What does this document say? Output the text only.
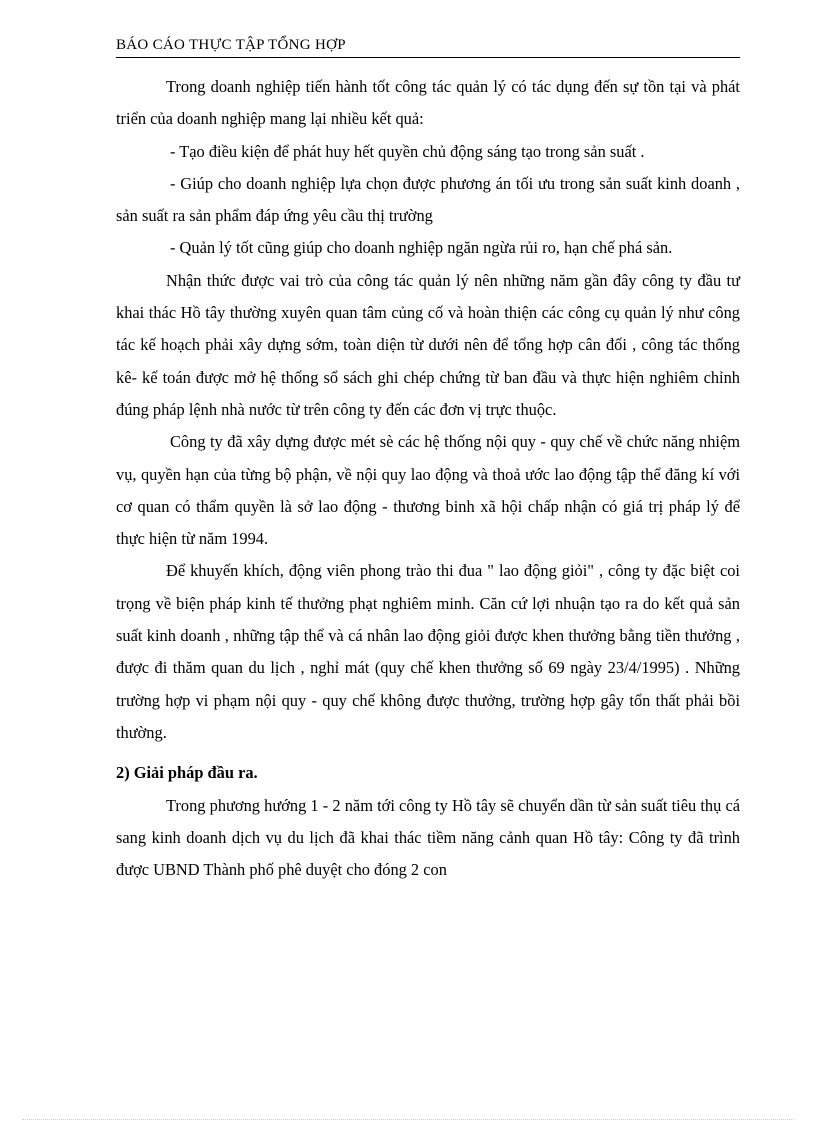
BÁO CÁO THỰC TẬP TỔNG HỢP

Trong doanh nghiệp tiến hành tốt công tác quản lý có tác dụng đến sự tồn tại và phát triển của doanh nghiệp mang lại nhiều kết quả:

- Tạo điều kiện để phát huy hết quyền chủ động sáng tạo trong sản suất .

- Giúp cho doanh nghiệp lựa chọn được phương án tối ưu trong sản suất kinh doanh , sản suất ra sản phẩm đáp ứng yêu cầu thị trường

- Quản lý tốt cũng giúp cho doanh nghiệp ngăn ngừa rủi ro, hạn chế phá sản.

Nhận thức được vai trò của công tác quản lý nên những năm gần đây công ty đầu tư khai thác Hồ tây thường xuyên quan tâm củng cố và hoàn thiện các công cụ quản lý như công tác kế hoạch phải xây dựng sớm, toàn diện từ dưới nên để tổng hợp cân đối , công tác thống kê- kế toán được mở hệ thống sổ sách ghi chép chứng từ ban đầu và thực hiện nghiêm chỉnh đúng pháp lệnh nhà nước từ trên công ty đến các đơn vị trực thuộc.

Công ty đã xây dựng được mét sè các hệ thống nội quy - quy chế về chức năng nhiệm vụ, quyền hạn của từng bộ phận, về nội quy lao động và thoả ước lao động tập thể đăng kí với cơ quan có thẩm quyền là sở lao động - thương binh xã hội chấp nhận có giá trị pháp lý để thực hiện từ năm 1994.

Để khuyến khích, động viên phong trào thi đua " lao động giỏi" , công ty đặc biệt coi trọng về biện pháp kinh tế thưởng phạt nghiêm minh. Căn cứ lợi nhuận tạo ra do kết quả sản suất kinh doanh , những tập thể và cá nhân lao động giỏi được khen thưởng bằng tiền thưởng , được đi thăm quan du lịch , nghỉ mát (quy chế khen thưởng số 69 ngày 23/4/1995) . Những trường hợp vi phạm nội quy - quy chế không được thưởng, trường hợp gây tổn thất phải bồi thường.

2) Giải pháp đầu ra.

Trong phương hướng 1 - 2 năm tới công ty Hồ tây sẽ chuyển dần từ sản suất tiêu thụ cá sang kinh doanh dịch vụ du lịch đã khai thác tiềm năng cảnh quan Hồ tây: Công ty đã trình được UBND Thành phố phê duyệt cho đóng 2 con
